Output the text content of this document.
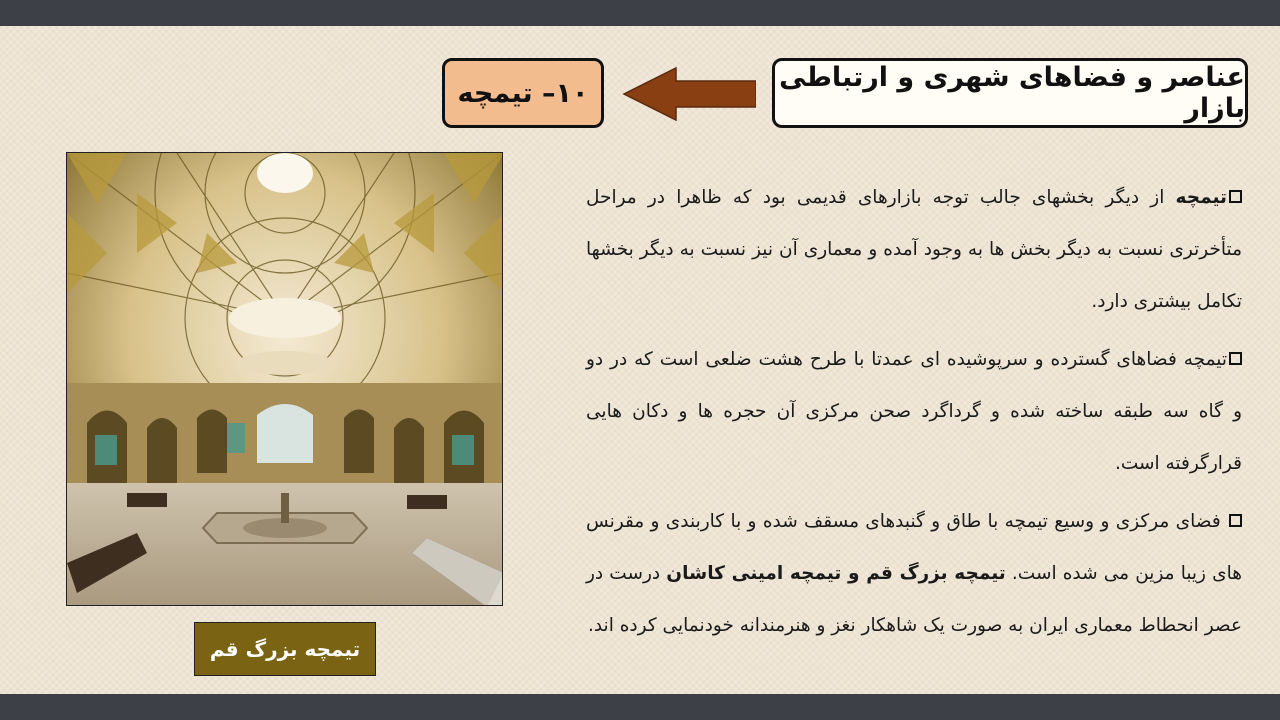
عناصر و فضاهای شهری و ارتباطی بازار
۱۰– تیمچه
تیمچه بزرگ قم

تیمچه از دیگر بخشهای جالب توجه بازارهای قدیمی بود که ظاهرا در مراحل متأخرتری نسبت به دیگر بخش ها به وجود آمده و معماری آن نیز نسبت به دیگر بخشها تکامل بیشتری دارد.

تیمچه فضاهای گسترده و سرپوشیده ای عمدتا با طرح هشت ضلعی است که در دو و گاه سه طبقه ساخته شده و گرداگرد صحن مرکزی آن حجره ها و دکان هایی قرارگرفته است.

فضای مرکزی و وسیع تیمچه با طاق و گنبدهای مسقف شده و با کاربندی و مقرنس های زیبا مزین می شده است. تیمچه بزرگ قم و تیمچه امینی کاشان درست در عصر انحطاط معماری ایران به صورت یک شاهکار نغز و هنرمندانه خودنمایی کرده اند.
